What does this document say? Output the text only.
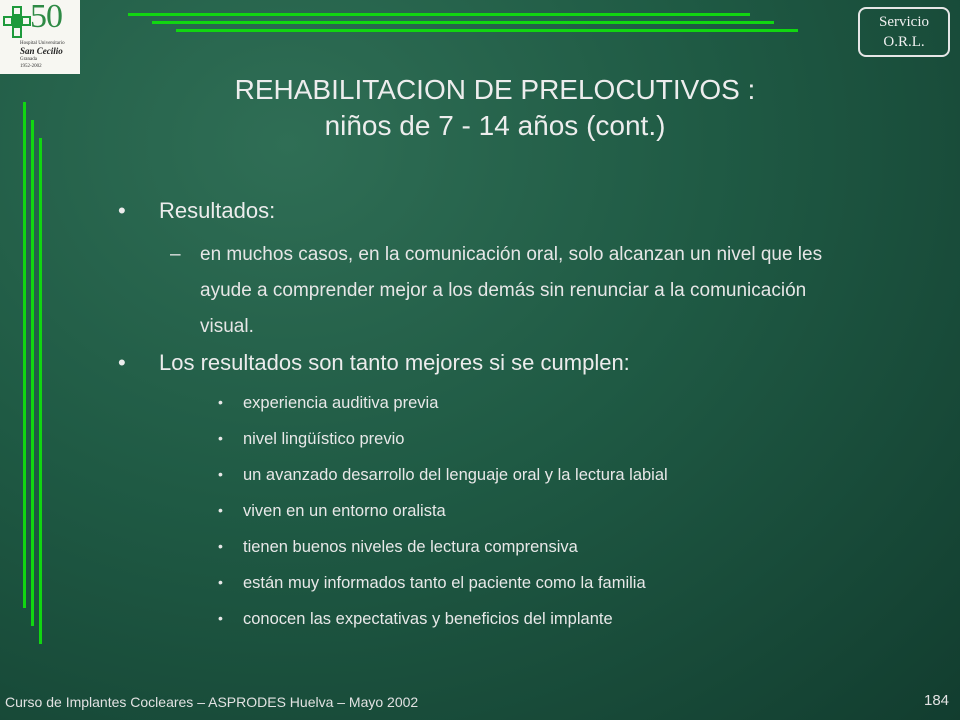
50
Hospital Universitario
San Cecilio
Granada
1952-2002
Servicio
O.R.L.
REHABILITACION DE PRELOCUTIVOS :
niños de 7 - 14 años (cont.)
• Resultados:
– en muchos casos, en la comunicación oral, solo alcanzan un nivel que les ayude a comprender mejor a los demás sin renunciar a la comunicación visual.
• Los resultados son tanto mejores si se cumplen:
• experiencia auditiva previa
• nivel lingüístico previo
• un avanzado desarrollo del lenguaje oral y la lectura labial
• viven en un entorno oralista
• tienen buenos niveles de lectura comprensiva
• están muy informados tanto el paciente como la familia
• conocen las expectativas y beneficios del implante
Curso de Implantes Cocleares – ASPRODES Huelva – Mayo 2002	184
